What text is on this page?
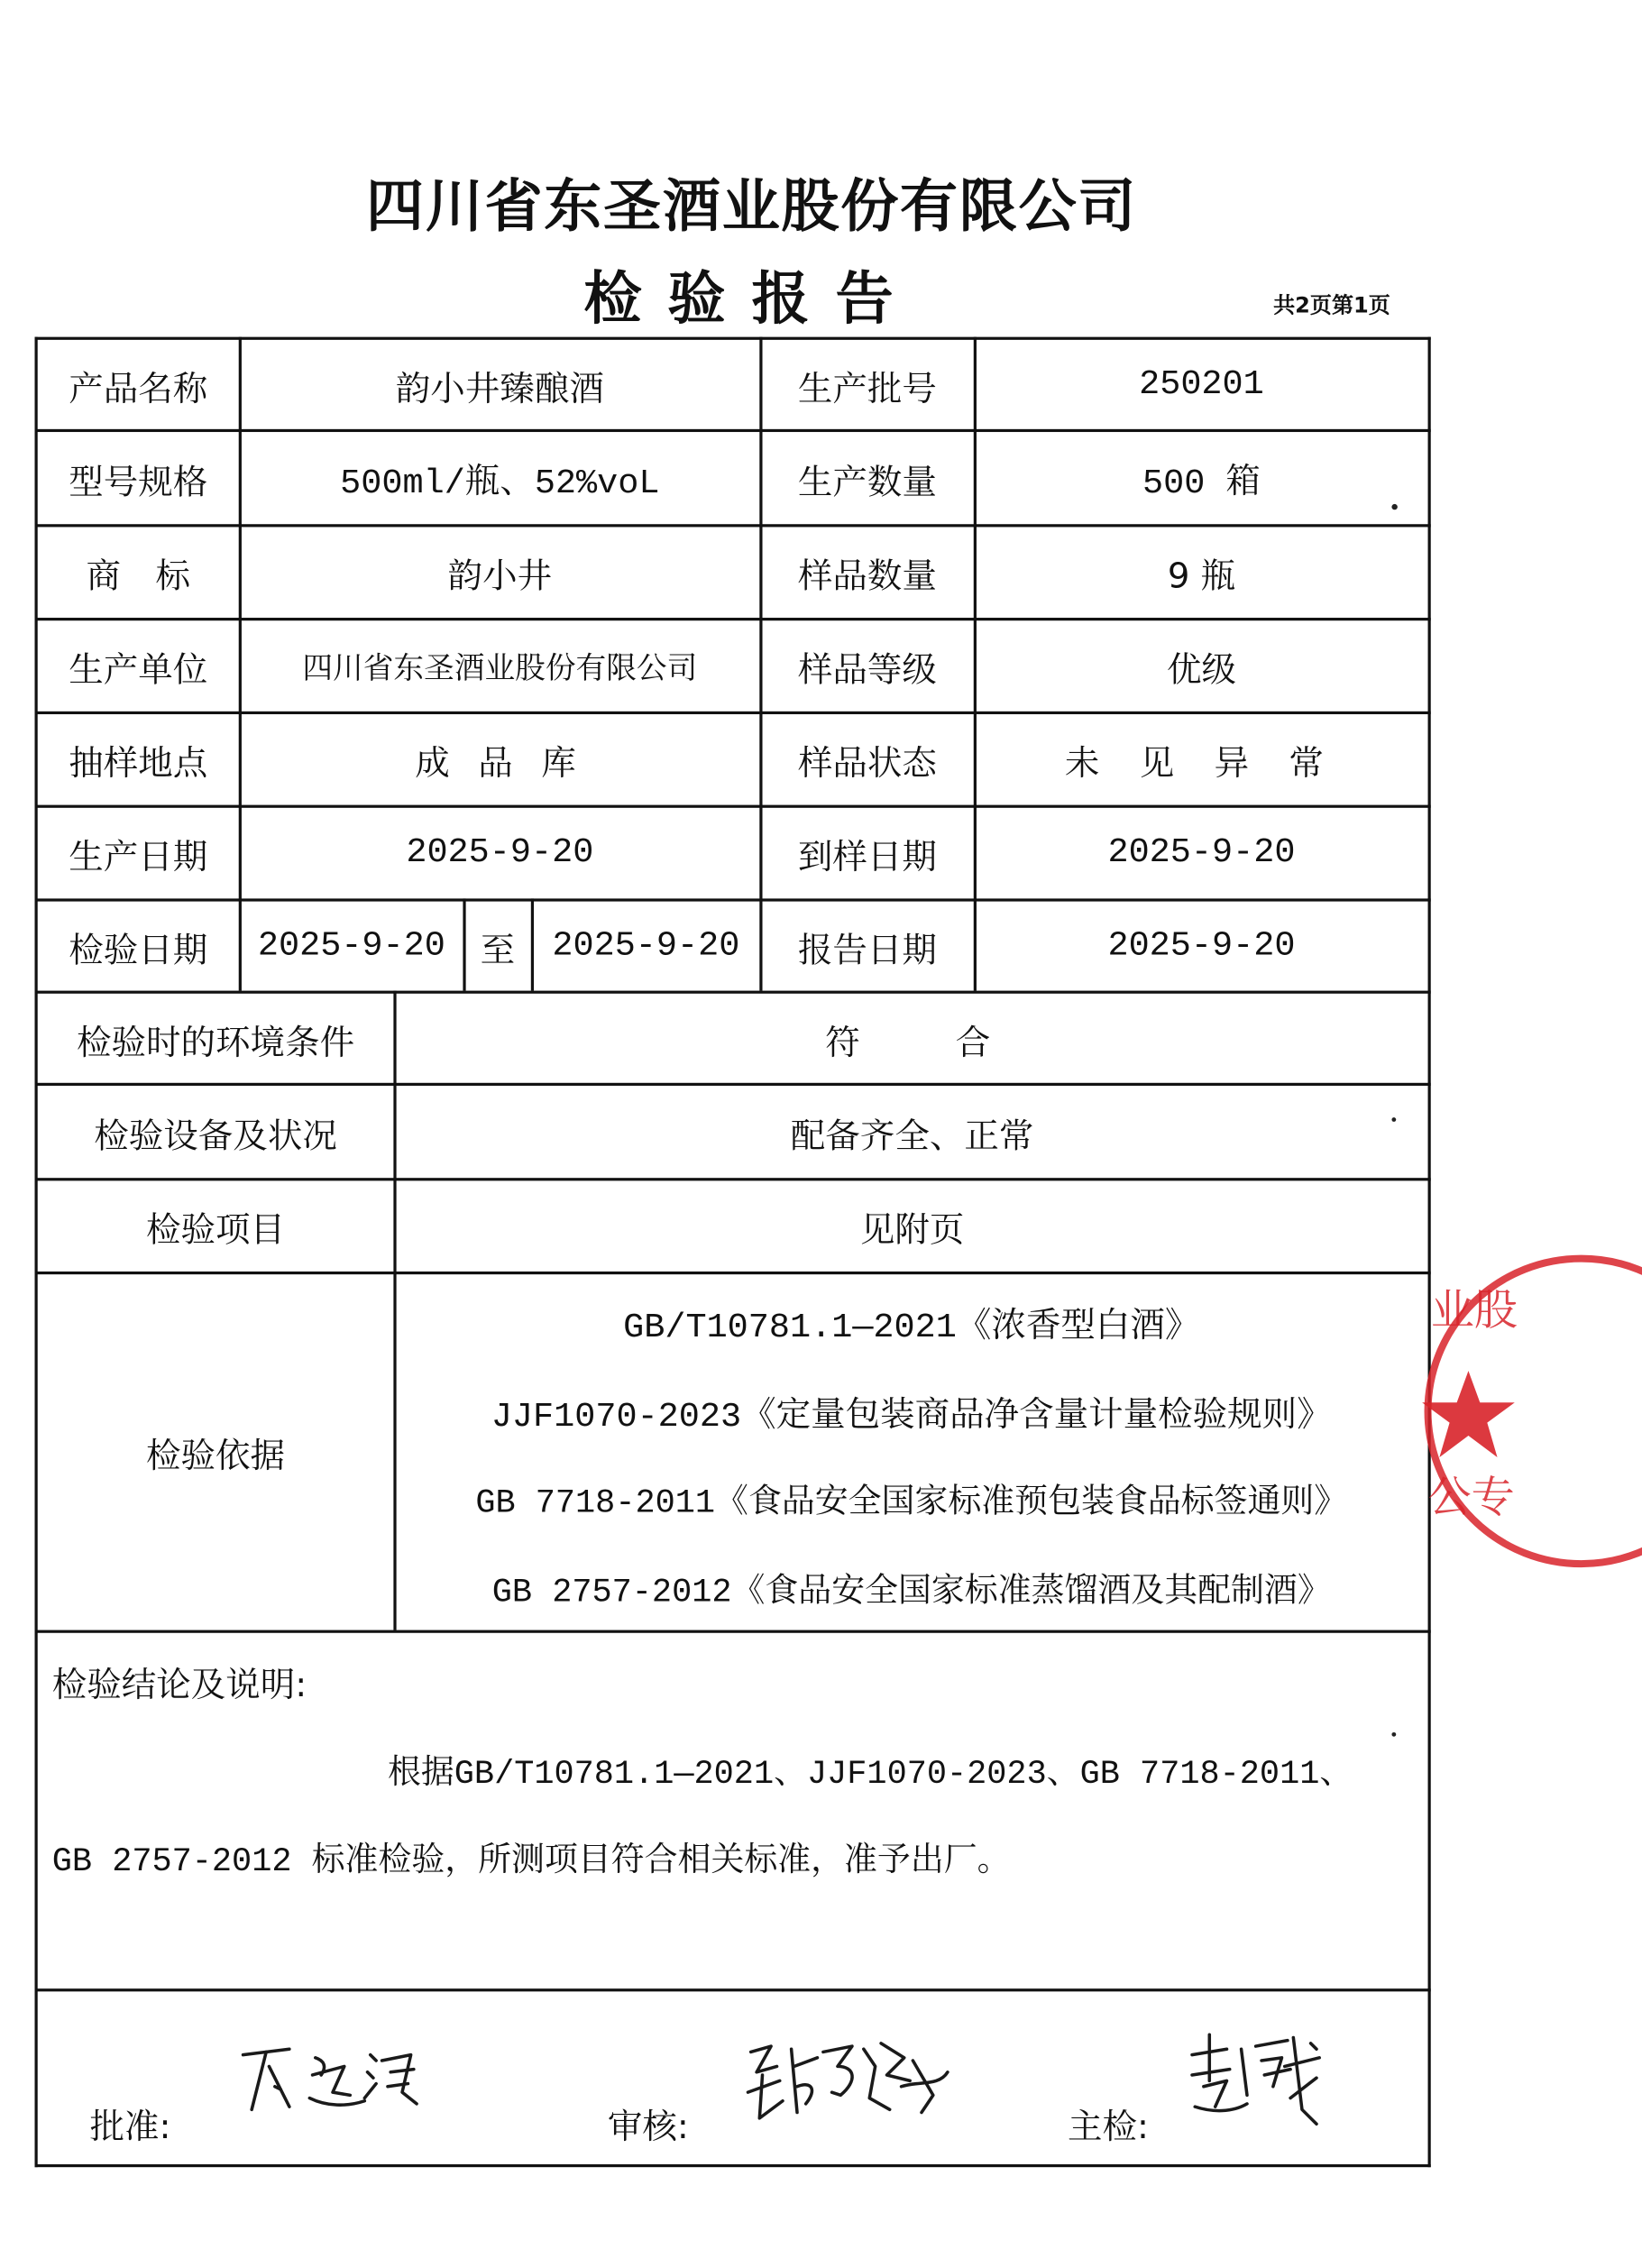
四川省东圣酒业股份有限公司
检验报告	共2页第1页
产品名称	韵小井臻酿酒	生产批号	250201
型号规格	500ml/瓶、52%voL	生产数量	500 箱
商　标	韵小井	样品数量	9 瓶
生产单位	四川省东圣酒业股份有限公司	样品等级	优级
抽样地点	成 品 库	样品状态	未 见 异 常
生产日期	2025-9-20	到样日期	2025-9-20
检验日期	2025-9-20	至	2025-9-20	报告日期	2025-9-20
检验时的环境条件	符　　合
检验设备及状况	配备齐全、正常
检验项目	见附页
检验依据
GB/T10781.1—2021《浓香型白酒》
JJF1070-2023《定量包装商品净含量计量检验规则》
GB 7718-2011《食品安全国家标准预包装食品标签通则》
GB 2757-2012《食品安全国家标准蒸馏酒及其配制酒》
检验结论及说明:
根据GB/T10781.1—2021、JJF1070-2023、GB 7718-2011、
GB 2757-2012 标准检验，所测项目符合相关标准，准予出厂。
批准:	审核:	主检:
业股
公专
